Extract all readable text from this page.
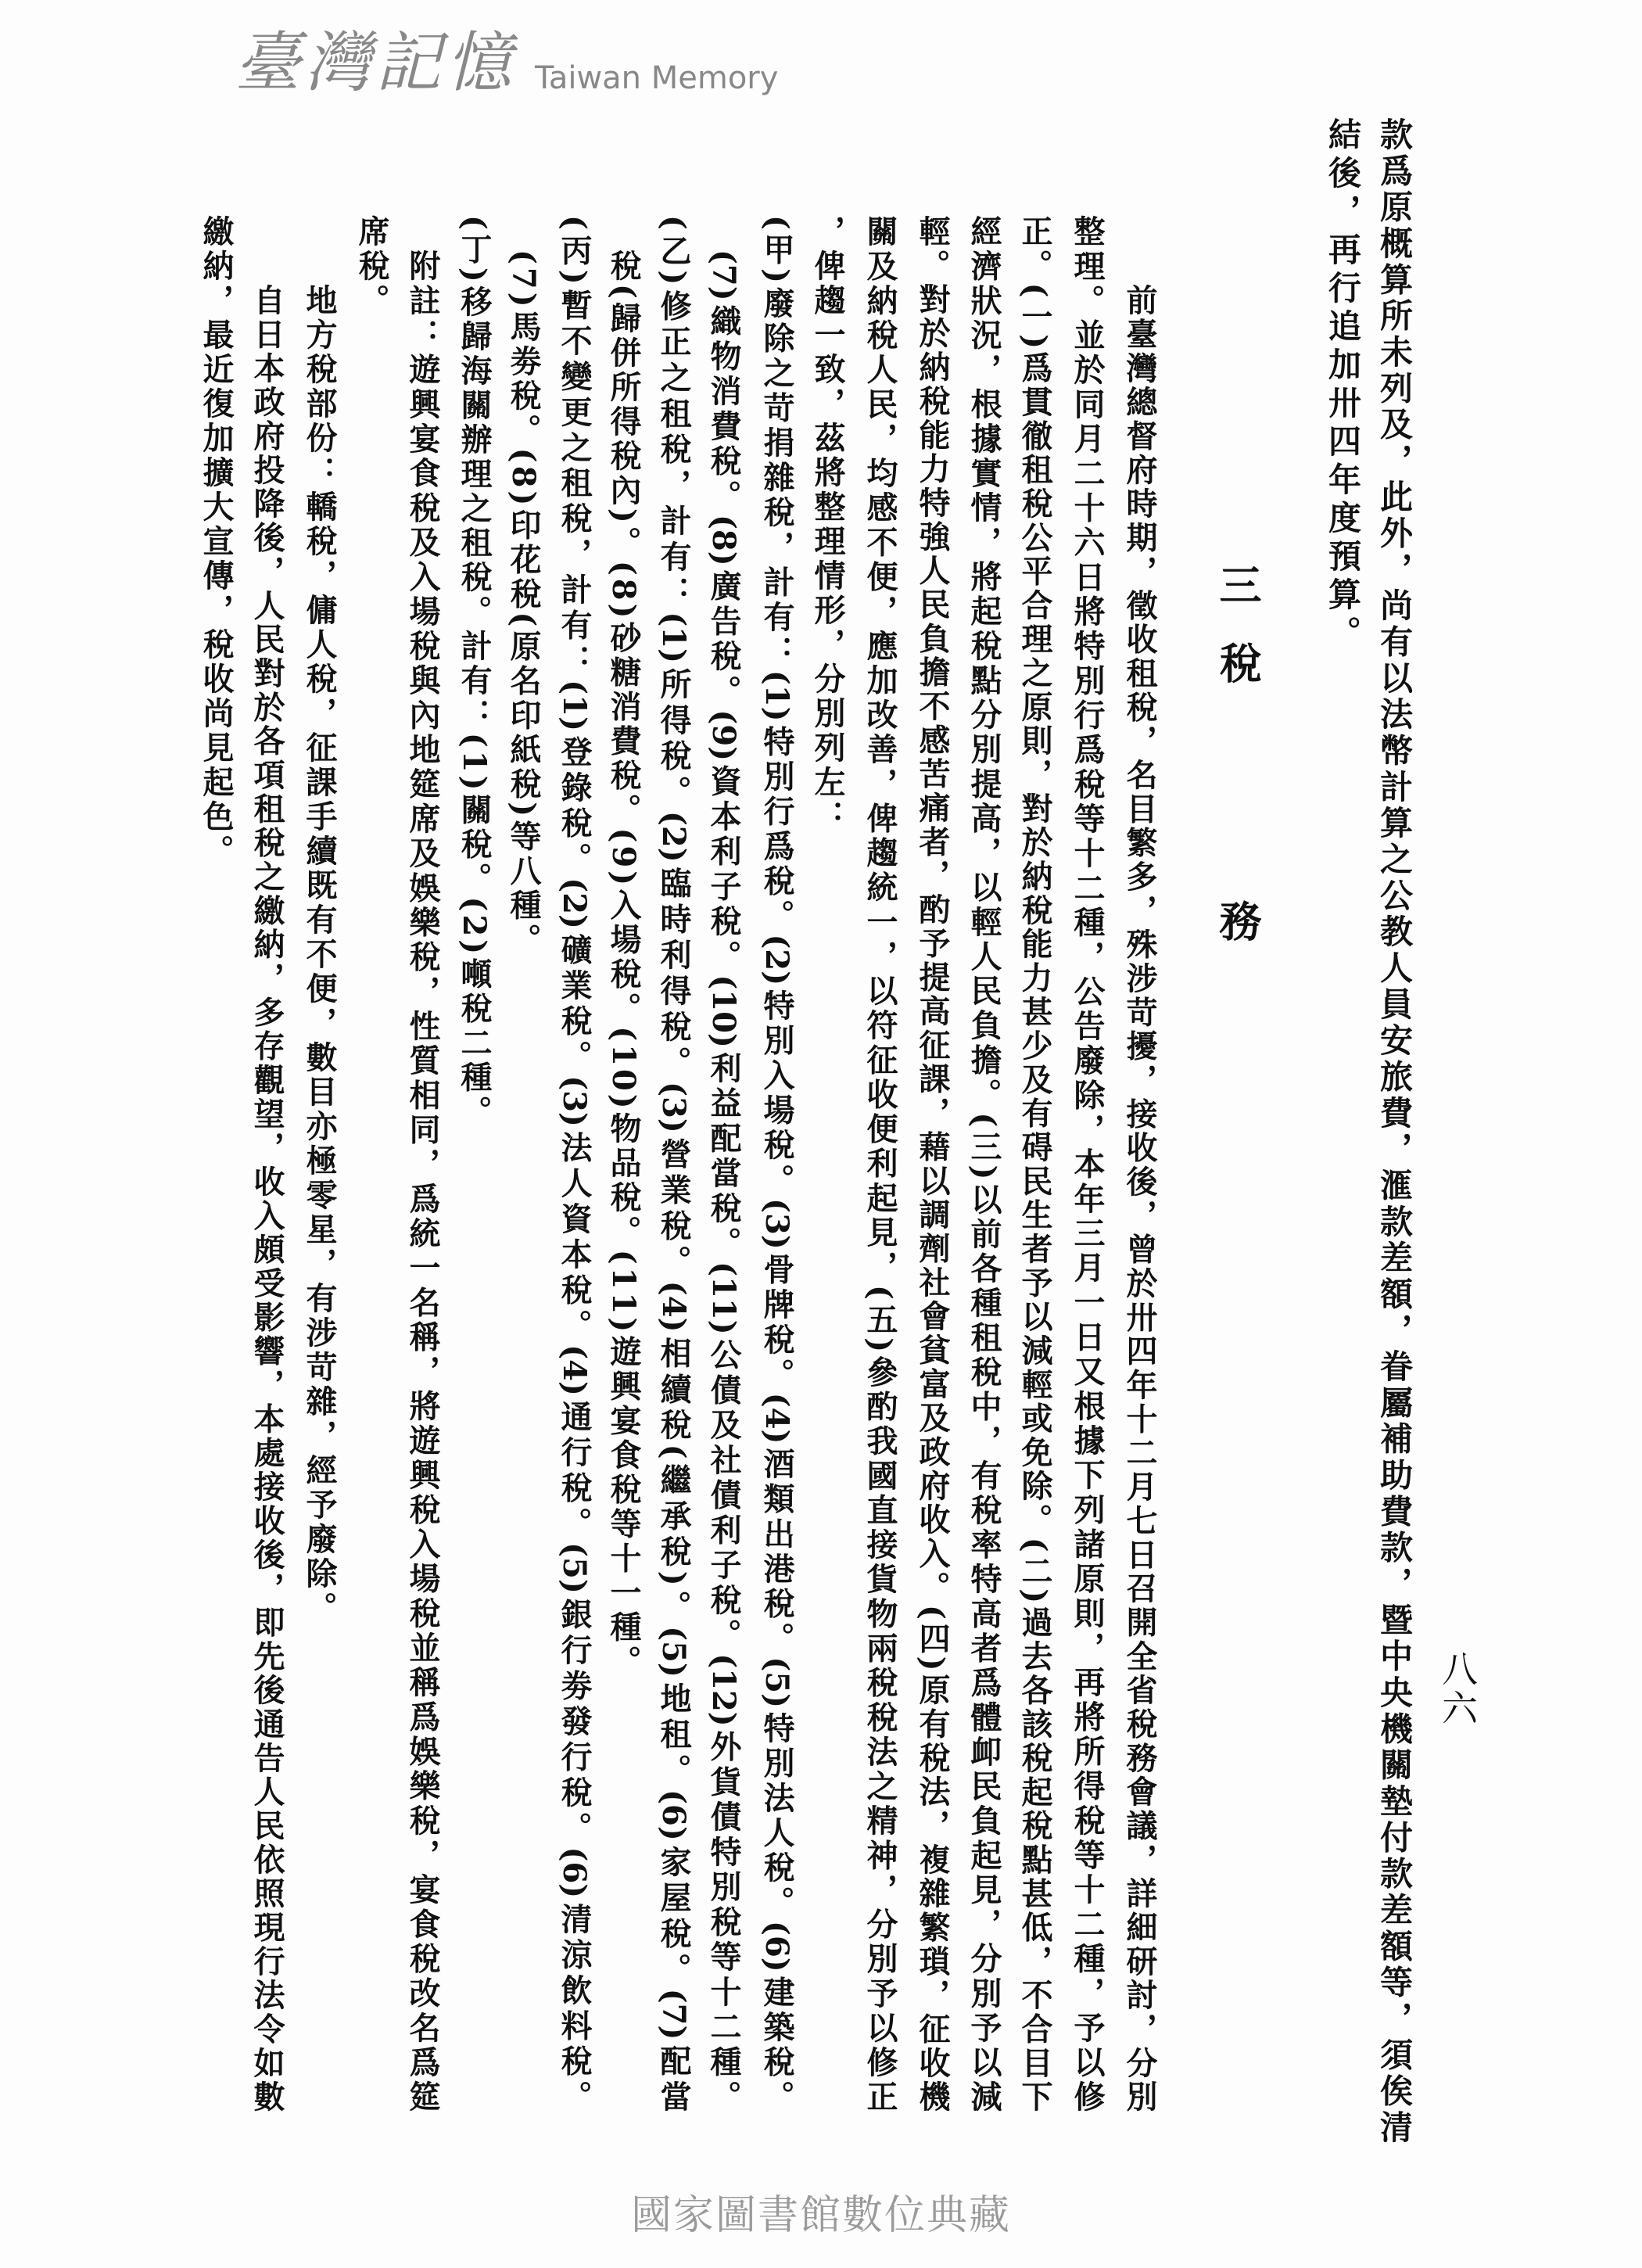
八六
款爲原概算所未列及，此外，尚有以法幣計算之公教人員安旅費，滙款差額，眷屬補助費款，暨中央機關墊付款差額等，須俟清
結後，再行追加卅四年度預算。
三
稅
務
前臺灣總督府時期，徵收租稅，名目繁多，殊涉苛擾，接收後，曾於卅四年十二月七日召開全省稅務會議，詳細研討，分別
整理。並於同月二十六日將特別行爲稅等十二種，公告廢除，本年三月一日又根據下列諸原則，再將所得稅等十二種，予以修
正。(一)爲貫徹租稅公平合理之原則，對於納稅能力甚少及有碍民生者予以減輕或免除。(二)過去各該稅起稅點甚低，不合目下
經濟狀況，根據實情，將起稅點分別提高，以輕人民負擔。(三)以前各種租稅中，有稅率特高者爲體卹民負起見，分別予以減
輕。對於納稅能力特強人民負擔不感苦痛者，酌予提高征課，藉以調劑社會貧富及政府收入。(四)原有稅法，複雜繁瑣，征收機
關及納稅人民，均感不便，應加改善，俾趨統一，以符征收便利起見，(五)參酌我國直接貨物兩稅稅法之精神，分別予以修正
，俾趨一致，茲將整理情形，分別列左：
(甲)廢除之苛捐雜稅，計有：(1)特別行爲稅。(2)特別入場稅。(3)骨牌稅。(4)酒類出港稅。(5)特別法人稅。(6)建築稅。
(7)織物消費稅。(8)廣告稅。(9)資本利子稅。(10)利益配當稅。(11)公債及社債利子稅。(12)外貨債特別稅等十二種。
(乙)修正之租稅，計有：(1)所得稅。(2)臨時利得稅。(3)營業稅。(4)相續稅(繼承稅)。(5)地租。(6)家屋稅。(7)配當
稅(歸併所得稅內)。(8)砂糖消費稅。(9)入場稅。(10)物品稅。(11)遊興宴食稅等十一種。
(丙)暫不變更之租稅，計有：(1)登錄稅。(2)礦業稅。(3)法人資本稅。(4)通行稅。(5)銀行劵發行稅。(6)清涼飲料稅。
(7)馬劵稅。(8)印花稅(原名印紙稅)等八種。
(丁)移歸海關辦理之租稅。計有：(1)關稅。(2)噸稅二種。
附註：遊興宴食稅及入場稅與內地筵席及娛樂稅，性質相同，爲統一名稱，將遊興稅入場稅並稱爲娛樂稅，宴食稅改名爲筵
席稅。
地方稅部份：轎稅，傭人稅，征課手續既有不便，數目亦極零星，有涉苛雜，經予廢除。
自日本政府投降後，人民對於各項租稅之繳納，多存觀望，收入頗受影響，本處接收後，即先後通告人民依照現行法令如數
繳納，最近復加擴大宣傳，稅收尚見起色。
臺灣記憶 Taiwan Memory
國家圖書館數位典藏
